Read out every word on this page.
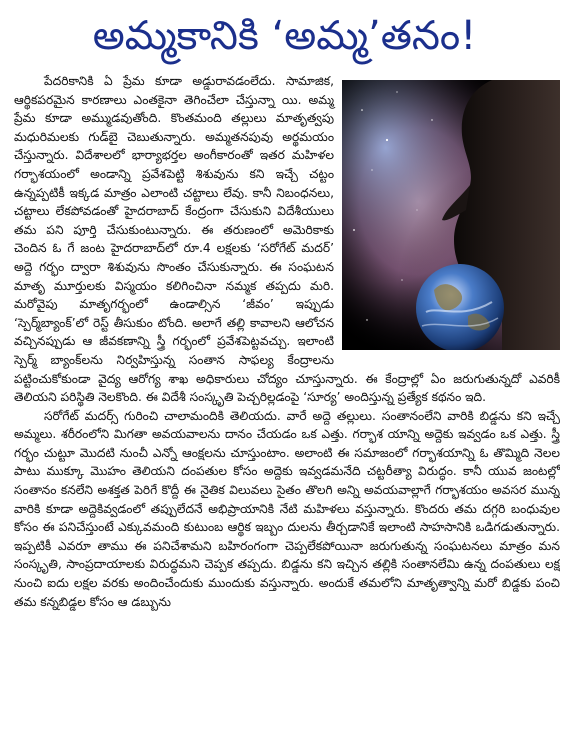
అమ్మకానికి ‘అమ్మ’తనం!

పేదరికానికి ఏ ప్రేమ కూడా అడ్డురావడంలేదు. సామాజిక, ఆర్థికపరమైన కారణాలు ఎంతకైనా తెగించేలా చేస్తున్నా యి. అమ్మ ప్రేమ కూడా అమ్ముడవుతోంది. కొంతమంది తల్లులు మాతృత్వపు మధురిమలకు గుడ్‌బై చెబుతున్నారు. అమ్మతనపువు అర్థమయం చేస్తున్నారు. విదేశాలలో భార్యాభర్తల అంగీకారంతో ఇతర మహిళల గర్భాశయంలో అండాన్ని ప్రవేశపెట్టి శిశువును కని ఇచ్చే చట్టం ఉన్నప్పటికీ ఇక్కడ మాత్రం ఎలాంటి చట్టాలు లేవు. కానీ నిబంధనలు, చట్టాలు లేకపోవడంతో హైదరాబాద్ కేంద్రంగా చేసుకుని విదేశీయులు తమ పని పూర్తి చేసుకుంటున్నారు. ఈ తరుణంలో అమెరికాకు చెందిన ఓ గే జంట హైదరాబాద్‌లో రూ.4 లక్షలకు ‘సరోగేట్ మదర్’ అద్దె గర్భం ద్వారా శిశువును సొంతం చేసుకున్నారు. ఈ సంఘటన మాతృ మూర్తులకు విస్మయం కలిగించినా నమ్మక తప్పదు మరి. మరోవైపు మాతృగర్భంలో ఉండాల్సిన ‘జీవం’ ఇప్పుడు ‘స్పెర్మ్‌బ్యాంక్’లో రెస్ట్ తీసుకుం టోంది. అలాగే తల్లి కావాలని ఆలోచన వచ్చినప్పుడు ఆ జీవకణాన్ని స్త్రీ గర్భంలో ప్రవేశపెట్టవచ్చు. ఇలాంటి స్పెర్మ్ బ్యాంక్‌లను నిర్వహిస్తున్న సంతాన సాఫల్య కేంద్రాలను పట్టించుకోకుండా వైద్య ఆరోగ్య శాఖ అధికారులు చోద్యం చూస్తున్నారు. ఈ కేంద్రాల్లో ఏం జరుగుతున్నదో ఎవరికీ తెలియని పరిస్థితి నెలకొంది. ఈ విదేశీ సంస్కృతి పెచ్చరిల్లడంపై ‘సూర్య’ అందిస్తున్న ప్రత్యేక కథనం ఇది.

సరోగేట్ మదర్స్ గురించి చాలామందికి తెలియదు. వారే అద్దె తల్లులు. సంతానంలేని వారికి బిడ్డను కని ఇచ్చే అమ్మలు. శరీరంలోని మిగతా అవయవాలను దానం చేయడం ఒక ఎత్తు. గర్భాశ యాన్ని అద్దెకు ఇవ్వడం ఒక ఎత్తు. స్త్రీ గర్భం చుట్టూ మొదటి నుంచీ ఎన్నో ఆంక్షలను చూస్తుంటాం. అలాంటి ఈ సమాజంలో గర్భాశయాన్ని ఓ తొమ్మిది నెలల పాటు ముక్కూ మొహం తెలియని దంపతుల కోసం అద్దెకు ఇవ్వడమనేది చట్టరీత్యా విరుద్ధం. కానీ యువ జంటల్లో సంతానం కనలేని అశక్తత పెరిగే కొద్దీ ఈ నైతిక విలువలు సైతం తొలగి అన్ని అవయవాల్లాగే గర్భాశయం అవసర మున్న వారికి కూడా అద్దెకివ్వడంలో తప్పులేదనే అభిప్రాయానికి నేటి మహిళలు వస్తున్నారు. కొందరు తమ దగ్గరి బంధువుల కోసం ఈ పనిచేస్తుంటే ఎక్కువమంది కుటుంబ ఆర్థిక ఇబ్బం దులను తీర్చడానికే ఇలాంటి సాహసానికి ఒడిగడుతున్నారు. ఇప్పటికీ ఎవరూ తాము ఈ పనిచేశామని బహిరంగంగా చెప్పలేకపోయినా జరుగుతున్న సంఘటనలు మాత్రం మన సంస్కృతి, సాంప్రదాయాలకు విరుద్ధమని చెప్పక తప్పదు. బిడ్డను కని ఇచ్చిన తల్లికి సంతానలేమి ఉన్న దంపతులు లక్ష నుంచి ఐదు లక్షల వరకు అందించేందుకు ముందుకు వస్తున్నారు. అందుకే తమలోని మాతృత్వాన్ని మరో బిడ్డకు పంచి తమ కన్నబిడ్డల కోసం ఆ డబ్బును
